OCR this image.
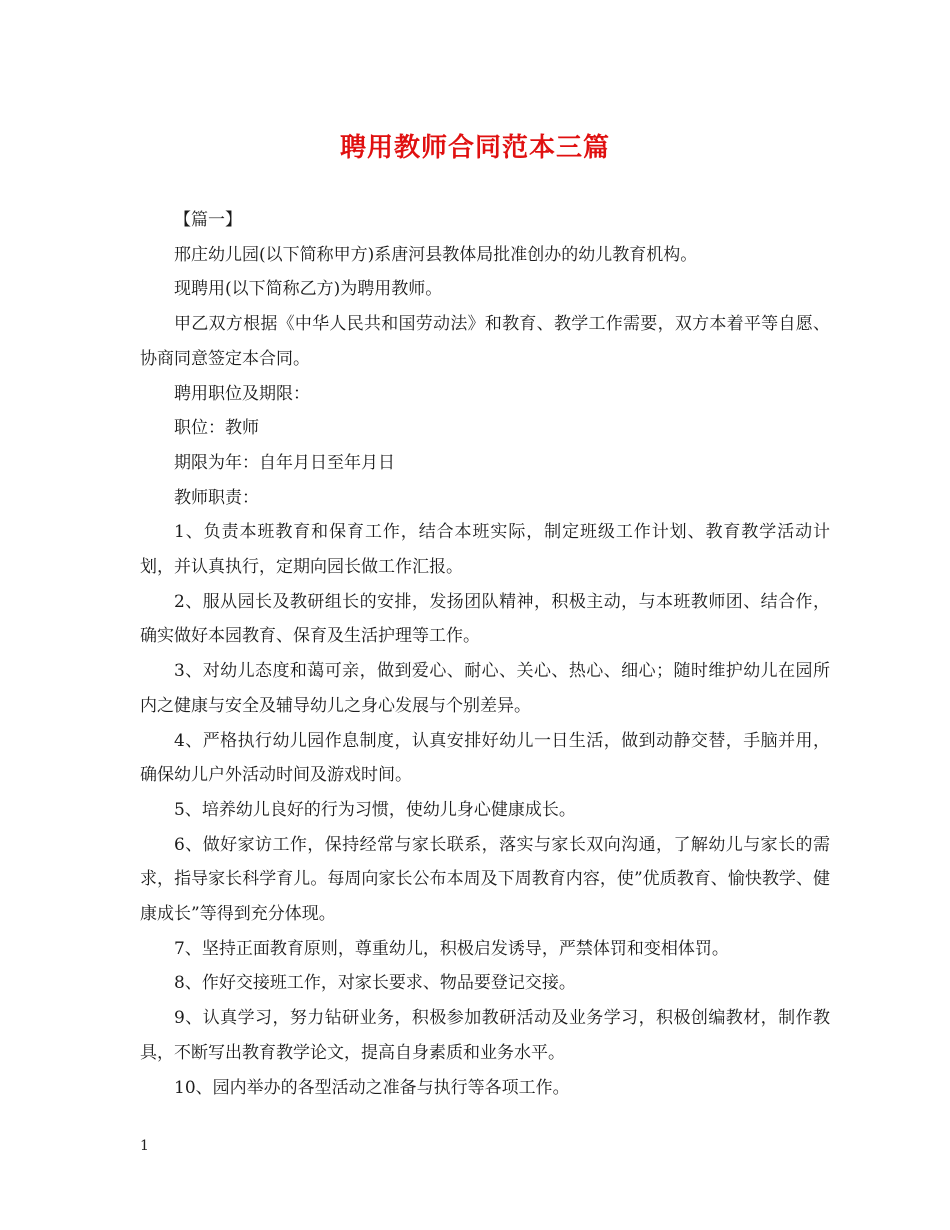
聘用教师合同范本三篇

【篇一】

邢庄幼儿园(以下简称甲方)系唐河县教体局批准创办的幼儿教育机构。

现聘用(以下简称乙方)为聘用教师。

甲乙双方根据《中华人民共和国劳动法》和教育、教学工作需要，双方本着平等自愿、协商同意签定本合同。

聘用职位及期限：

职位：教师

期限为年：自年月日至年月日

教师职责：

1、负责本班教育和保育工作，结合本班实际，制定班级工作计划、教育教学活动计划，并认真执行，定期向园长做工作汇报。

2、服从园长及教研组长的安排，发扬团队精神，积极主动，与本班教师团、结合作，确实做好本园教育、保育及生活护理等工作。

3、对幼儿态度和蔼可亲，做到爱心、耐心、关心、热心、细心；随时维护幼儿在园所内之健康与安全及辅导幼儿之身心发展与个别差异。

4、严格执行幼儿园作息制度，认真安排好幼儿一日生活，做到动静交替，手脑并用，确保幼儿户外活动时间及游戏时间。

5、培养幼儿良好的行为习惯，使幼儿身心健康成长。

6、做好家访工作，保持经常与家长联系，落实与家长双向沟通，了解幼儿与家长的需求，指导家长科学育儿。每周向家长公布本周及下周教育内容，使”优质教育、愉快教学、健康成长”等得到充分体现。

7、坚持正面教育原则，尊重幼儿，积极启发诱导，严禁体罚和变相体罚。

8、作好交接班工作，对家长要求、物品要登记交接。

9、认真学习，努力钻研业务，积极参加教研活动及业务学习，积极创编教材，制作教具，不断写出教育教学论文，提高自身素质和业务水平。

10、园内举办的各型活动之准备与执行等各项工作。

1
